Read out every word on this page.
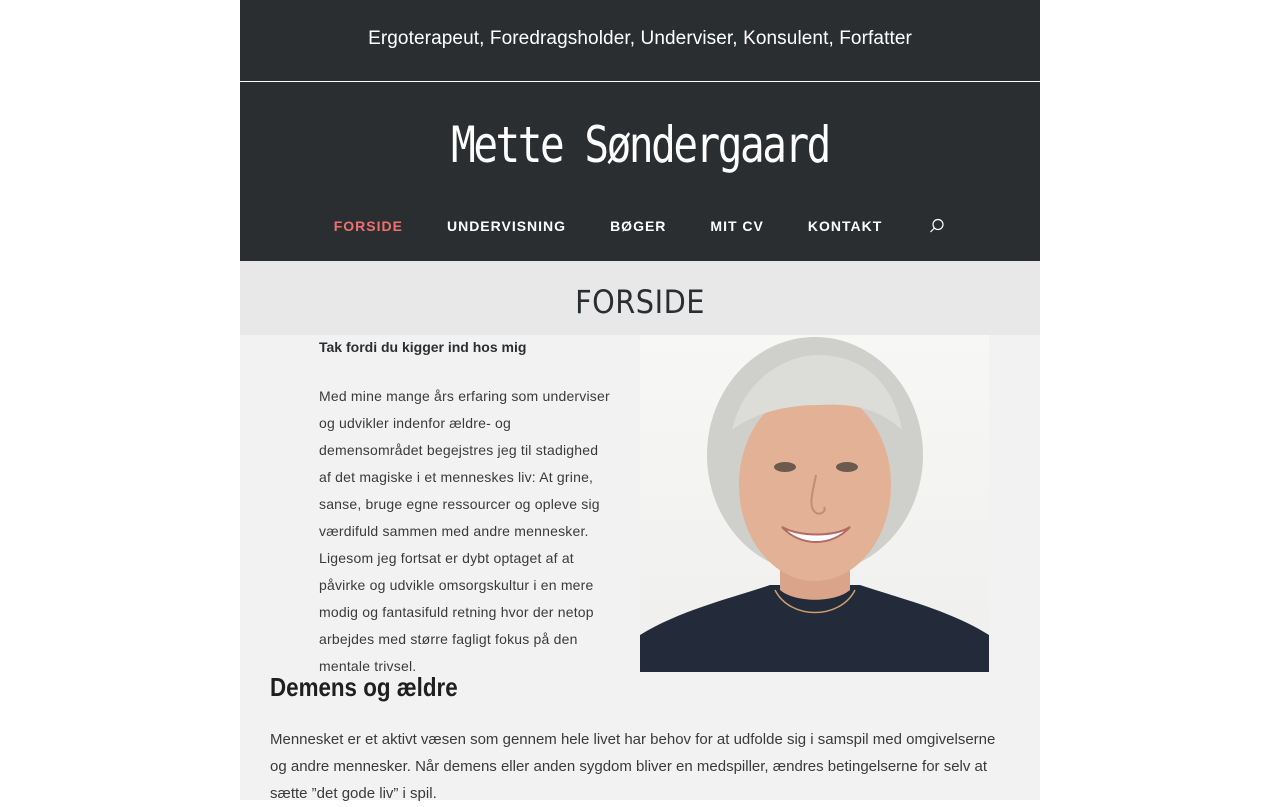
Ergoterapeut, Foredragsholder, Underviser, Konsulent, Forfatter
Mette Søndergaard
FORSIDE	UNDERVISNING	BØGER	MIT CV	KONTAKT
FORSIDE
Tak fordi du kigger ind hos mig
Med mine mange års erfaring som underviser og udvikler indenfor ældre- og demensområdet begejstres jeg til stadighed af det magiske i et menneskes liv: At grine, sanse, bruge egne ressourcer og opleve sig værdifuld sammen med andre mennesker. Ligesom jeg fortsat er dybt optaget af at påvirke og udvikle omsorgskultur i en mere modig og fantasifuld retning hvor der netop arbejdes med større fagligt fokus på den mentale trivsel.
Demens og ældre
Mennesket er et aktivt væsen som gennem hele livet har behov for at udfolde sig i samspil med omgivelserne og andre mennesker. Når demens eller anden sygdom bliver en medspiller, ændres betingelserne for selv at sætte ”det gode liv” i spil.
